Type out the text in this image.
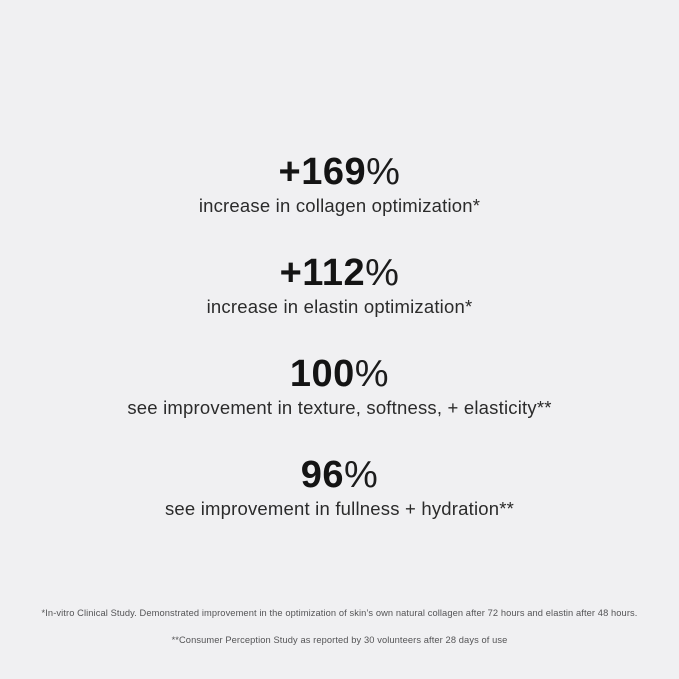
+169%
increase in collagen optimization*
+112%
increase in elastin optimization*
100%
see improvement in texture, softness, + elasticity**
96%
see improvement in fullness + hydration**
*In-vitro Clinical Study. Demonstrated improvement in the optimization of skin’s own natural collagen after 72 hours and elastin after 48 hours.
**Consumer Perception Study as reported by 30 volunteers after 28 days of use
